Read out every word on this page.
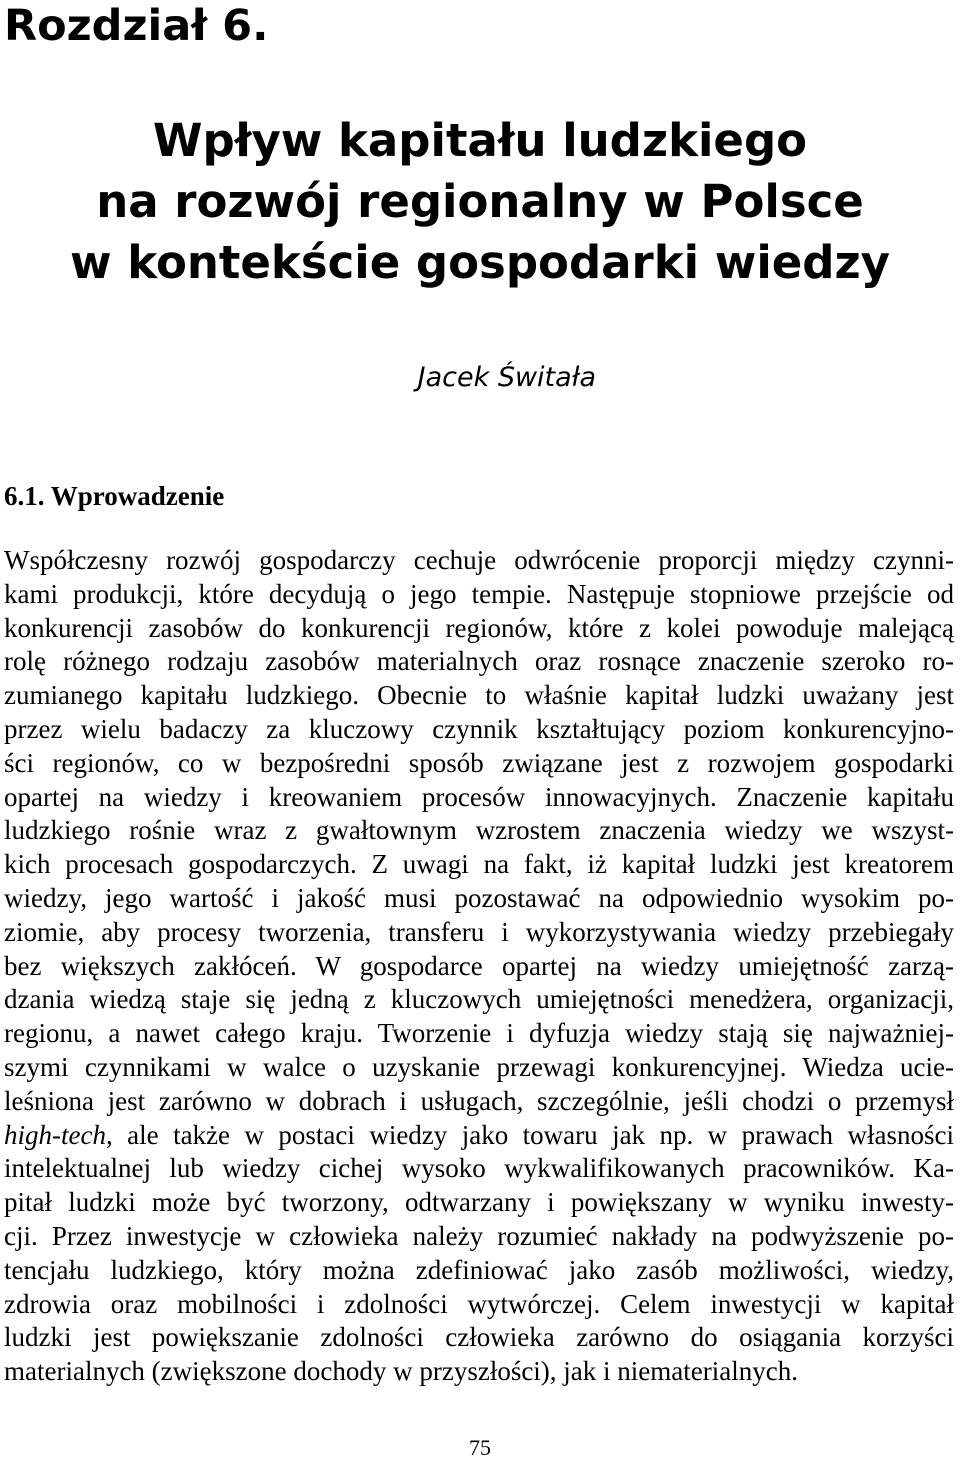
Rozdział 6.
Wpływ kapitału ludzkiego
na rozwój regionalny w Polsce
w kontekście gospodarki wiedzy
Jacek Świtała
6.1. Wprowadzenie
Współczesny rozwój gospodarczy cechuje odwrócenie proporcji między czynni-
kami produkcji, które decydują o jego tempie. Następuje stopniowe przejście od
konkurencji zasobów do konkurencji regionów, które z kolei powoduje malejącą
rolę różnego rodzaju zasobów materialnych oraz rosnące znaczenie szeroko ro-
zumianego kapitału ludzkiego. Obecnie to właśnie kapitał ludzki uważany jest
przez wielu badaczy za kluczowy czynnik kształtujący poziom konkurencyjno-
ści regionów, co w bezpośredni sposób związane jest z rozwojem gospodarki
opartej na wiedzy i kreowaniem procesów innowacyjnych. Znaczenie kapitału
ludzkiego rośnie wraz z gwałtownym wzrostem znaczenia wiedzy we wszyst-
kich procesach gospodarczych. Z uwagi na fakt, iż kapitał ludzki jest kreatorem
wiedzy, jego wartość i jakość musi pozostawać na odpowiednio wysokim po-
ziomie, aby procesy tworzenia, transferu i wykorzystywania wiedzy przebiegały
bez większych zakłóceń. W gospodarce opartej na wiedzy umiejętność zarzą-
dzania wiedzą staje się jedną z kluczowych umiejętności menedżera, organizacji,
regionu, a nawet całego kraju. Tworzenie i dyfuzja wiedzy stają się najważniej-
szymi czynnikami w walce o uzyskanie przewagi konkurencyjnej. Wiedza ucie-
leśniona jest zarówno w dobrach i usługach, szczególnie, jeśli chodzi o przemysł
high-tech, ale także w postaci wiedzy jako towaru jak np. w prawach własności
intelektualnej lub wiedzy cichej wysoko wykwalifikowanych pracowników. Ka-
pitał ludzki może być tworzony, odtwarzany i powiększany w wyniku inwesty-
cji. Przez inwestycje w człowieka należy rozumieć nakłady na podwyższenie po-
tencjału ludzkiego, który można zdefiniować jako zasób możliwości, wiedzy,
zdrowia oraz mobilności i zdolności wytwórczej. Celem inwestycji w kapitał
ludzki jest powiększanie zdolności człowieka zarówno do osiągania korzyści
materialnych (zwiększone dochody w przyszłości), jak i niematerialnych.
75
